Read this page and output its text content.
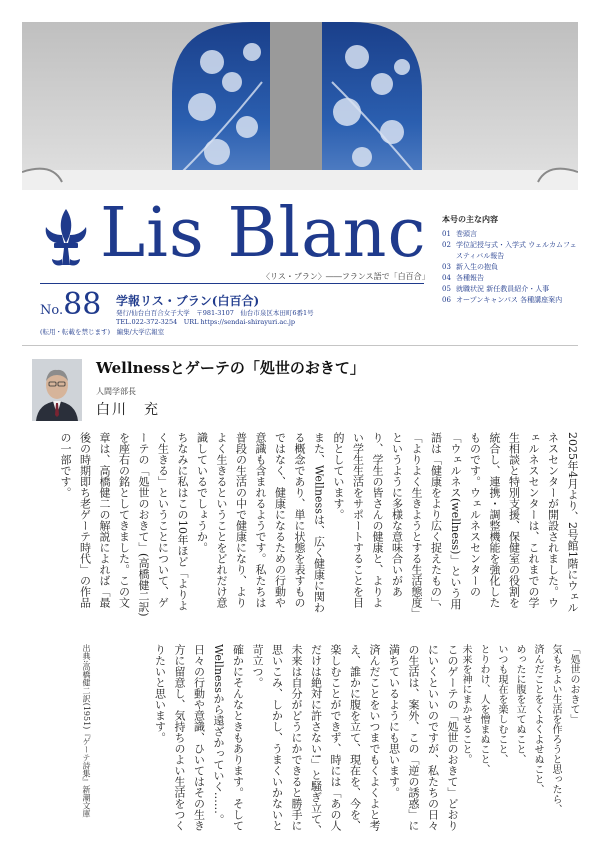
Lis Blanc
〈リス・ブラン〉――フランス語で「白百合」
No.88 学報リス・ブラン(白百合)
発行/仙台白百合女子大学　〒981-3107　仙台市泉区本田町6番1号
TEL.022-372-3254　URL https://sendai-shirayuri.ac.jp
(転用・転載を禁じます)　編集/大学広報室
本号の主な内容
01 巻頭言
02 学位記授与式・入学式 ウェルカムフェスティバル報告
03 新入生の抱負
04 各種報告
05 就職状況 新任教員紹介・人事
06 オープンキャンパス 各種講座案内
Wellnessとゲーテの「処世のおきて」
人間学部長
白川　充

2025年4月より、2号館1階にウェルネスセンターが開設されました。ウェルネスセンターは、これまでの学生相談と特別支援、保健室の役割を統合し、連携・調整機能を強化したものです。ウェルネスセンターの「ウェルネス(wellness)」という用語は「健康をより広く捉えたもの」、「よりよく生きようとする生活態度」というように多様な意味合いがあり、学生の皆さんの健康と、よりよい学生生活をサポートすることを目的としています。

また、Wellnessは、広く健康に関わる概念であり、単に状態を表すものではなく、健康になるための行動や意識も含まれるようです。私たちは普段の生活の中で健康になり、よりよく生きるということをどれだけ意識しているでしょうか。

ちなみに私はこの10年ほど「よりよく生きる」ということについて、ゲーテの「処世のおきて」(高橋健二訳)を座右の銘としてきました。この文章は、高橋健二の解説によれば「最後の時期即ち老ゲーテ時代」の作品の一部です。

「処世のおきて」

気もちよい生活を作ろうと思ったら、

済んだことをくよくよせぬこと、

めったに腹を立てぬこと、

いつも現在を楽しむこと、

とりわけ、人を憎まぬこと、

未来を神にまかせること。

このゲーテの「処世のおきて」どおりにいくといいのですが、私たちの日々の生活は、案外、この「逆の誘惑」に満ちているようにも思います。

済んだことをいつまでもくよくよと考え、誰かに腹を立て、現在を、今を、楽しむことができず、時には「あの人だけは絶対に許さない!」と騒ぎ立て、未来は自分がどうにかできると勝手に思いこみ、しかし、うまくいかないと苛立つ。

確かにそんなときもあります。そしてWellnessから遠ざかっていく……。

日々の行動や意識、ひいてはその生き方に留意し、気持ちのよい生活をつくりたいと思います。

出典:高橋健二訳(1951)『ゲーテ詩集』新潮文庫
